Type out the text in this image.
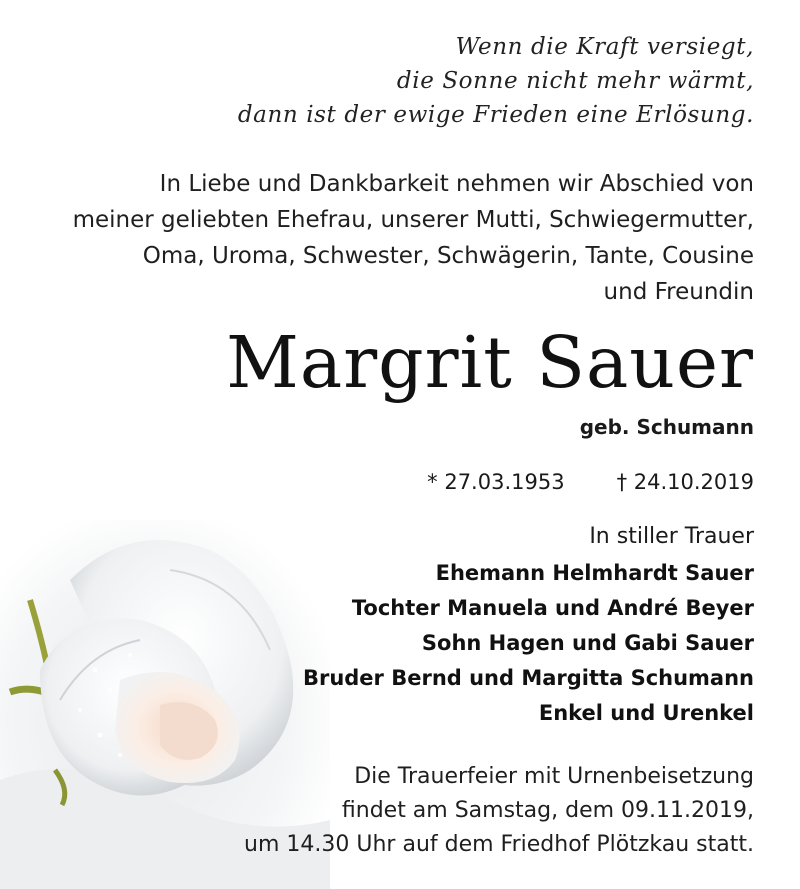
Wenn die Kraft versiegt,
die Sonne nicht mehr wärmt,
dann ist der ewige Frieden eine Erlösung.
In Liebe und Dankbarkeit nehmen wir Abschied von
meiner geliebten Ehefrau, unserer Mutti, Schwiegermutter,
Oma, Uroma, Schwester, Schwägerin, Tante, Cousine
und Freundin
Margrit Sauer
geb. Schumann
* 27.03.1953 † 24.10.2019
In stiller Trauer
Ehemann Helmhardt Sauer
Tochter Manuela und André Beyer
Sohn Hagen und Gabi Sauer
Bruder Bernd und Margitta Schumann
Enkel und Urenkel
Die Trauerfeier mit Urnenbeisetzung
findet am Samstag, dem 09.11.2019,
um 14.30 Uhr auf dem Friedhof Plötzkau statt.
